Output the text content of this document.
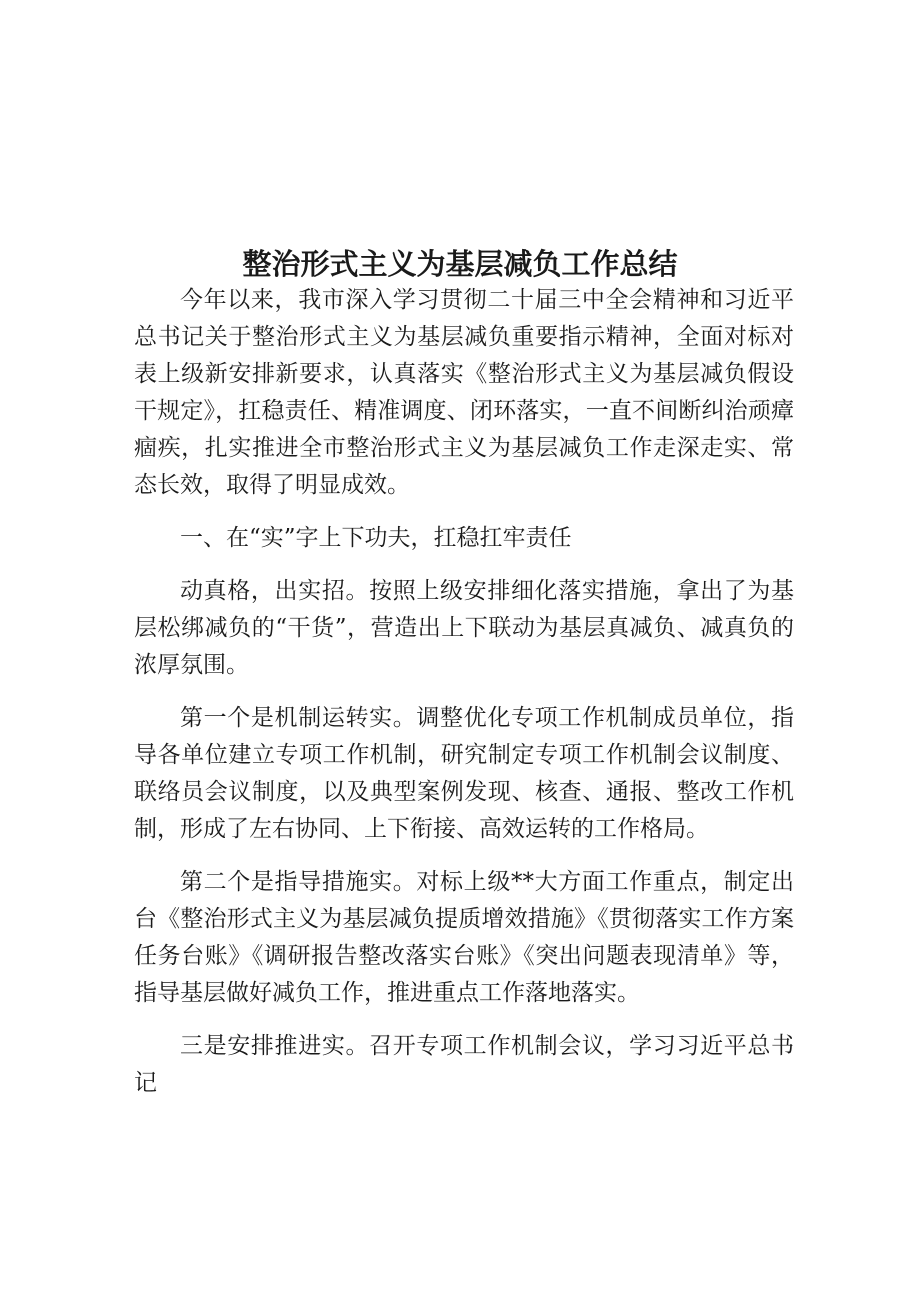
整治形式主义为基层减负工作总结

今年以来，我市深入学习贯彻二十届三中全会精神和习近平总书记关于整治形式主义为基层减负重要指示精神，全面对标对表上级新安排新要求，认真落实《整治形式主义为基层减负假设干规定》，扛稳责任、精准调度、闭环落实，一直不间断纠治顽瘴痼疾，扎实推进全市整治形式主义为基层减负工作走深走实、常态长效，取得了明显成效。

一、在“实”字上下功夫，扛稳扛牢责任

动真格，出实招。按照上级安排细化落实措施，拿出了为基层松绑减负的“干货”，营造出上下联动为基层真减负、减真负的浓厚氛围。

第一个是机制运转实。调整优化专项工作机制成员单位，指导各单位建立专项工作机制，研究制定专项工作机制会议制度、联络员会议制度，以及典型案例发现、核查、通报、整改工作机制，形成了左右协同、上下衔接、高效运转的工作格局。

第二个是指导措施实。对标上级**大方面工作重点，制定出台《整治形式主义为基层减负提质增效措施》《贯彻落实工作方案任务台账》《调研报告整改落实台账》《突出问题表现清单》等，指导基层做好减负工作，推进重点工作落地落实。

三是安排推进实。召开专项工作机制会议，学习习近平总书记
